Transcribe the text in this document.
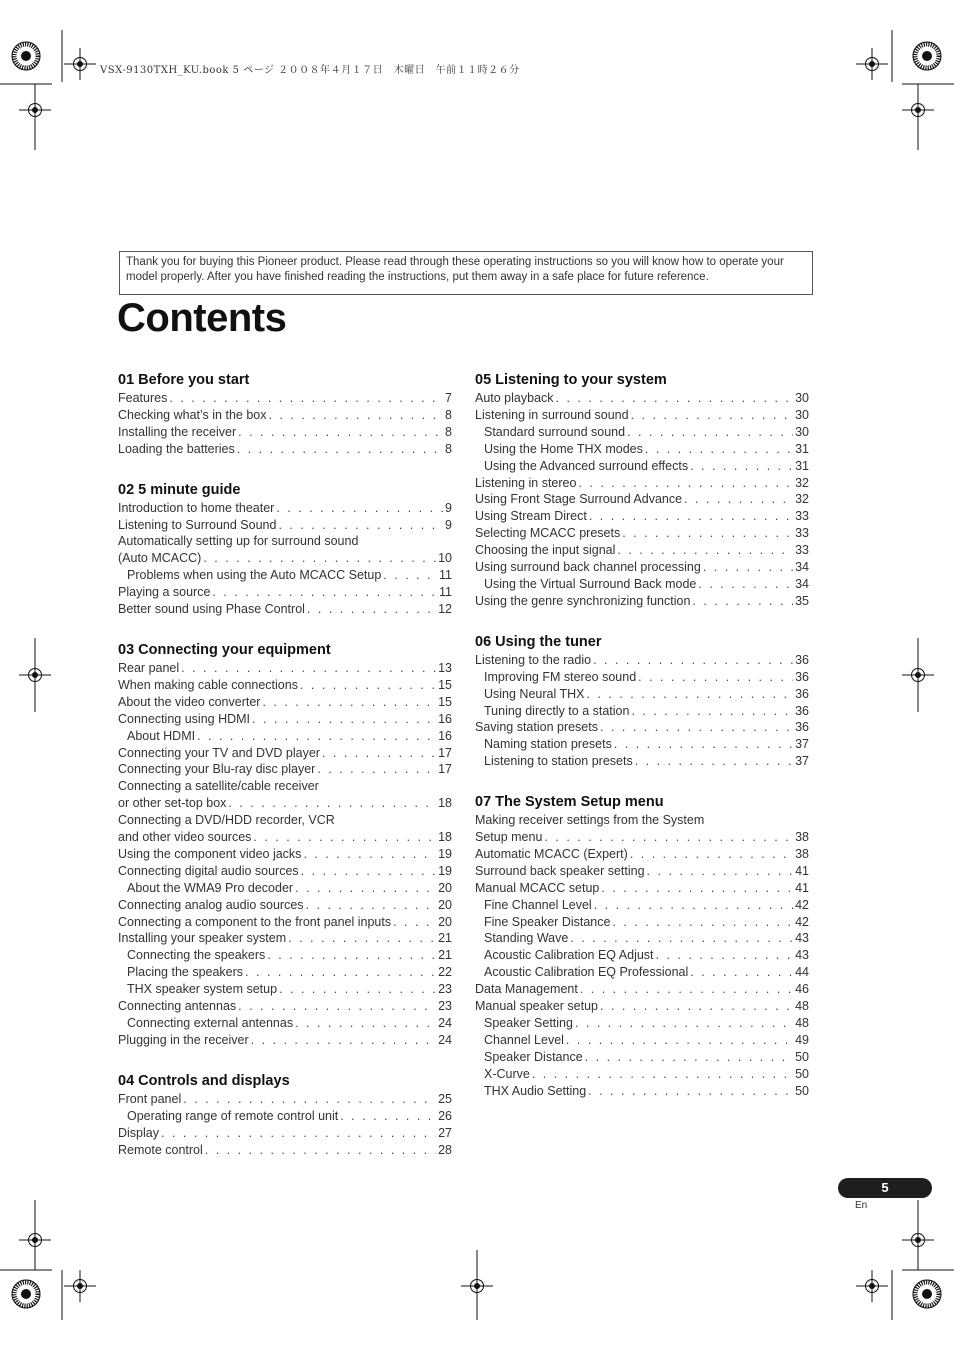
VSX-9130TXH_KU.book 5 ページ ２００８年４月１７日　木曜日　午前１１時２６分
Thank you for buying this Pioneer product. Please read through these operating instructions so you will know how to operate your model properly. After you have finished reading the instructions, put them away in a safe place for future reference.
Contents
01 Before you start
Features . . .	7
Checking what’s in the box . . .	8
Installing the receiver . . .	8
Loading the batteries . . .	8
02 5 minute guide
Introduction to home theater . . .	9
Listening to Surround Sound . . .	9
Automatically setting up for surround sound
(Auto MCACC) . . .	10
Problems when using the Auto MCACC Setup . . .	11
Playing a source . . .	11
Better sound using Phase Control . . .	12
03 Connecting your equipment
Rear panel . . .	13
When making cable connections . . .	15
About the video converter . . .	15
Connecting using HDMI . . .	16
About HDMI . . .	16
Connecting your TV and DVD player . . .	17
Connecting your Blu-ray disc player . . .	17
Connecting a satellite/cable receiver
or other set-top box . . .	18
Connecting a DVD/HDD recorder, VCR
and other video sources . . .	18
Using the component video jacks . . .	19
Connecting digital audio sources . . .	19
About the WMA9 Pro decoder . . .	20
Connecting analog audio sources . . .	20
Connecting a component to the front panel inputs . . .	20
Installing your speaker system . . .	21
Connecting the speakers . . .	21
Placing the speakers . . .	22
THX speaker system setup . . .	23
Connecting antennas . . .	23
Connecting external antennas . . .	24
Plugging in the receiver . . .	24
04 Controls and displays
Front panel . . .	25
Operating range of remote control unit . . .	26
Display . . .	27
Remote control . . .	28
05 Listening to your system
Auto playback . . .	30
Listening in surround sound . . .	30
Standard surround sound . . .	30
Using the Home THX modes . . .	31
Using the Advanced surround effects . . .	31
Listening in stereo . . .	32
Using Front Stage Surround Advance . . .	32
Using Stream Direct . . .	33
Selecting MCACC presets . . .	33
Choosing the input signal . . .	33
Using surround back channel processing . . .	34
Using the Virtual Surround Back mode . . .	34
Using the genre synchronizing function . . .	35
06 Using the tuner
Listening to the radio . . .	36
Improving FM stereo sound . . .	36
Using Neural THX . . .	36
Tuning directly to a station . . .	36
Saving station presets . . .	36
Naming station presets . . .	37
Listening to station presets . . .	37
07 The System Setup menu
Making receiver settings from the System
Setup menu . . .	38
Automatic MCACC (Expert) . . .	38
Surround back speaker setting . . .	41
Manual MCACC setup . . .	41
Fine Channel Level . . .	42
Fine Speaker Distance . . .	42
Standing Wave . . .	43
Acoustic Calibration EQ Adjust . . .	43
Acoustic Calibration EQ Professional . . .	44
Data Management . . .	46
Manual speaker setup . . .	48
Speaker Setting . . .	48
Channel Level . . .	49
Speaker Distance . . .	50
X-Curve . . .	50
THX Audio Setting . . .	50
5
En
